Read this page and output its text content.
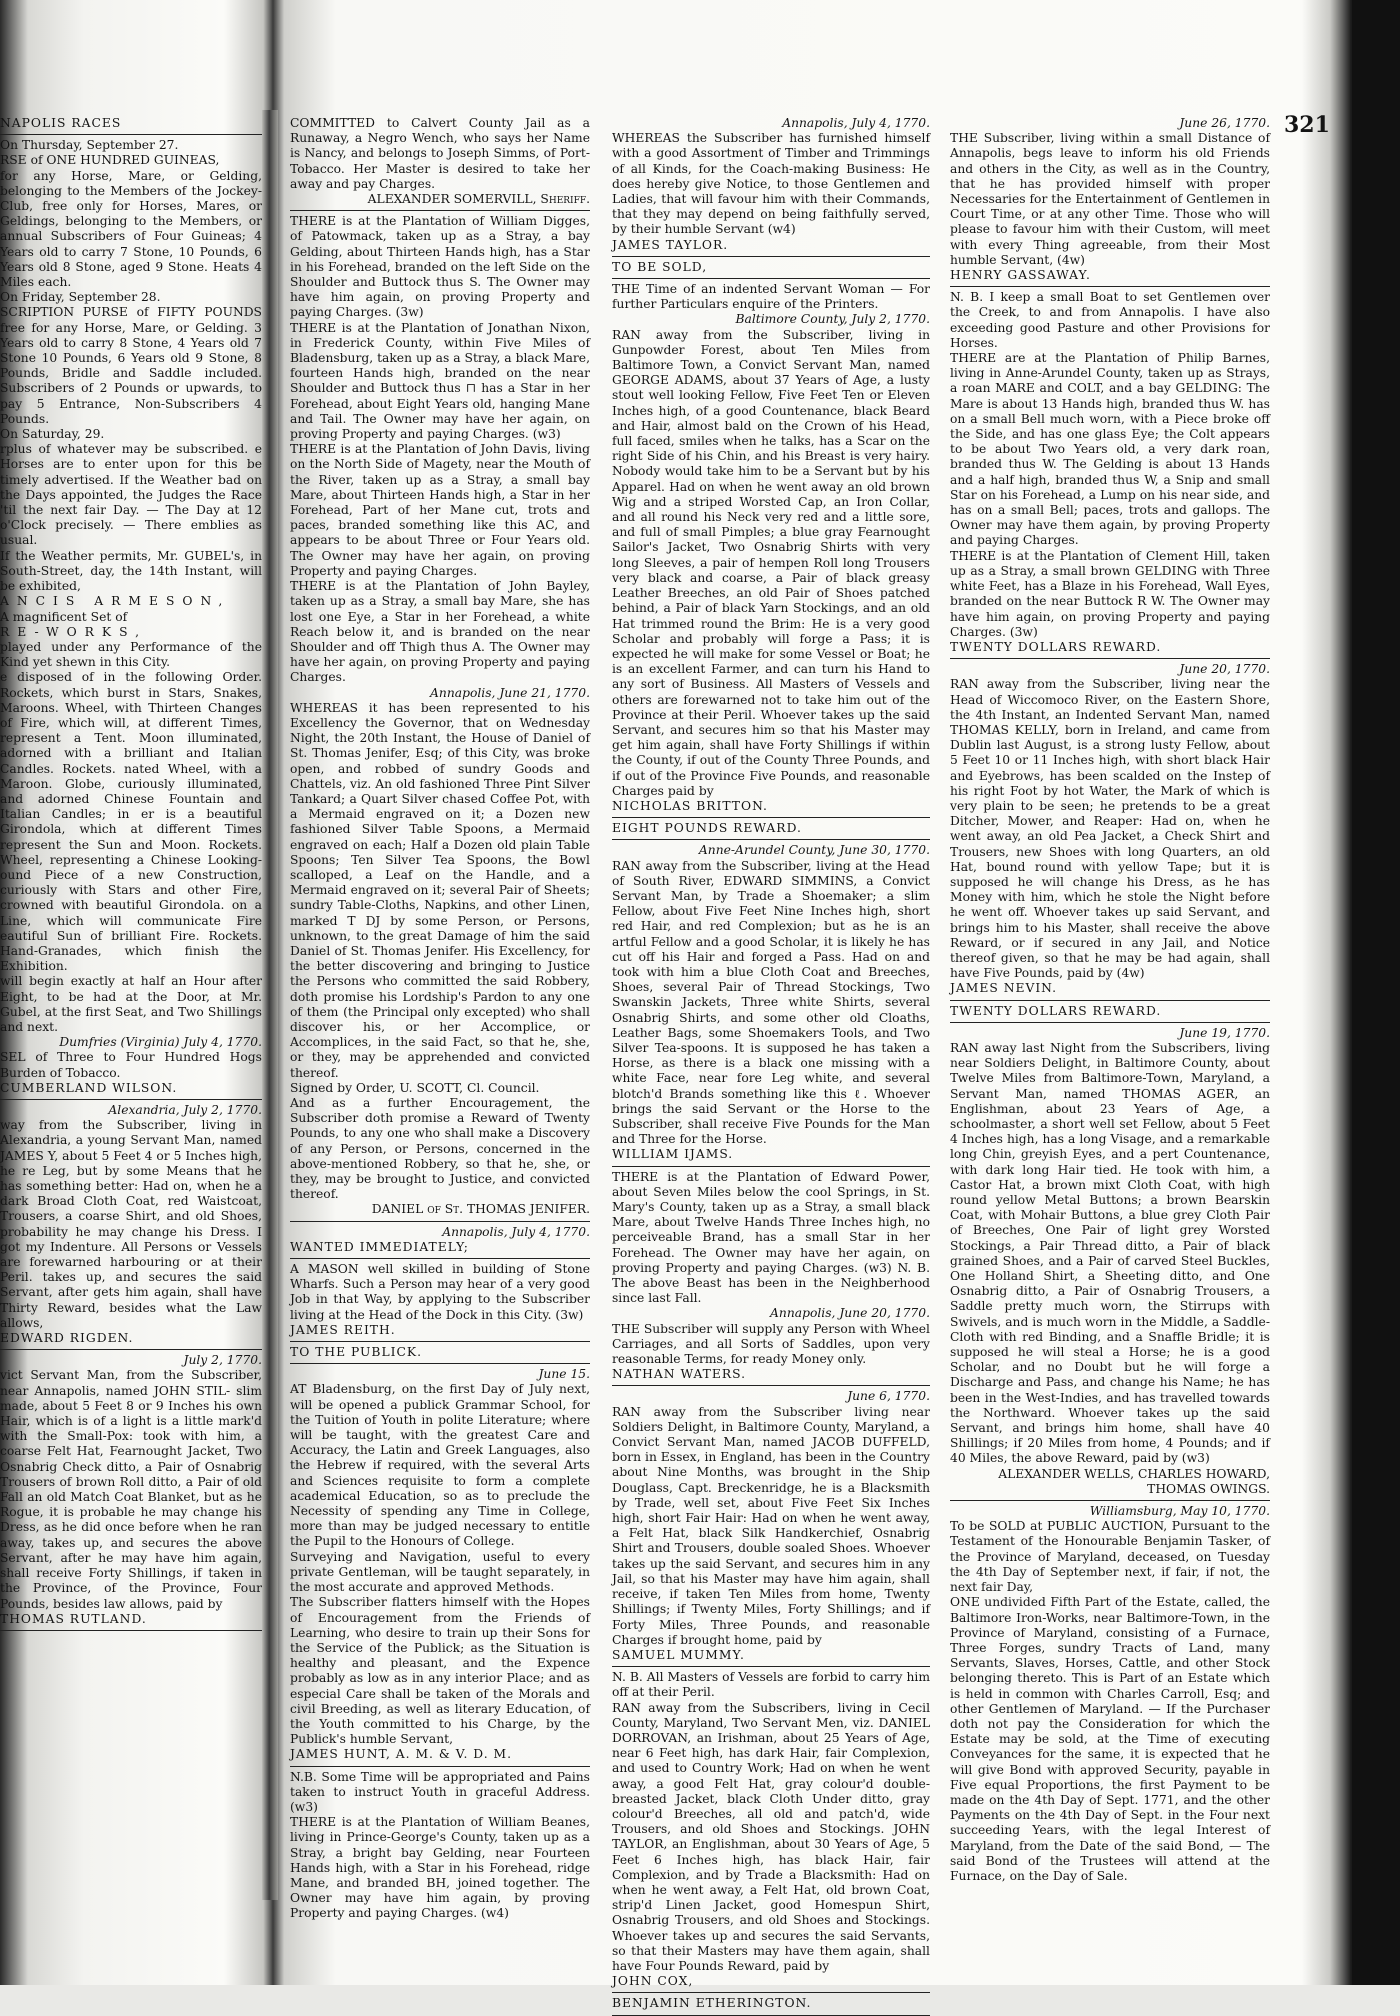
321

NAPOLIS RACES

On Thursday, September 27.

RSE of ONE HUNDRED GUINEAS,

for any Horse, Mare, or Gelding, belonging to the Members of the Jockey-Club, free only for Horses, Mares, or Geldings, belonging to the Members, or annual Subscribers of Four Guineas; 4 Years old to carry 7 Stone, 10 Pounds, 6 Years old 8 Stone, aged 9 Stone. Heats 4 Miles each.

On Friday, September 28.

SCRIPTION PURSE of FIFTY POUNDS free for any Horse, Mare, or Gelding. 3 Years old to carry 8 Stone, 4 Years old 7 Stone 10 Pounds, 6 Years old 9 Stone, 8 Pounds, Bridle and Saddle included. Subscribers of 2 Pounds or upwards, to pay 5 Entrance, Non-Subscribers 4 Pounds.

On Saturday, 29.

rplus of whatever may be subscribed. e Horses are to enter upon for this be timely advertised. If the Weather bad on the Days appointed, the Judges the Race 'til the next fair Day. — The Day at 12 o'Clock precisely. — There emblies as usual.

If the Weather permits, Mr. GUBEL's, in South-Street, day, the 14th Instant, will be exhibited,

ANCIS ARMESON,

A magnificent Set of

RE-WORKS,

played under any Performance of the Kind yet shewn in this City.

e disposed of in the following Order. Rockets, which burst in Stars, Snakes, Maroons. Wheel, with Thirteen Changes of Fire, which will, at different Times, represent a Tent. Moon illuminated, adorned with a brilliant and Italian Candles. Rockets. nated Wheel, with a Maroon. Globe, curiously illuminated, and adorned Chinese Fountain and Italian Candles; in er is a beautiful Girondola, which at different Times represent the Sun and Moon. Rockets. Wheel, representing a Chinese Looking-ound Piece of a new Construction, curiously with Stars and other Fire, crowned with beautiful Girondola. on a Line, which will communicate Fire eautiful Sun of brilliant Fire. Rockets. Hand-Granades, which finish the Exhibition.

will begin exactly at half an Hour after Eight, to be had at the Door, at Mr. Gubel, at the first Seat, and Two Shillings and next.

Dumfries (Virginia) July 4, 1770.

SEL of Three to Four Hundred Hogs Burden of Tobacco.

CUMBERLAND WILSON.

Alexandria, July 2, 1770.

way from the Subscriber, living in Alexandria, a young Servant Man, named JAMES Y, about 5 Feet 4 or 5 Inches high, he re Leg, but by some Means that he has something better: Had on, when he a dark Broad Cloth Coat, red Waistcoat, Trousers, a coarse Shirt, and old Shoes, probability he may change his Dress. I got my Indenture. All Persons or Vessels are forewarned harbouring or at their Peril. takes up, and secures the said Servant, after gets him again, shall have Thirty Reward, besides what the Law allows,

EDWARD RIGDEN.

July 2, 1770.

vict Servant Man, from the Subscriber, near Annapolis, named JOHN STIL- slim made, about 5 Feet 8 or 9 Inches his own Hair, which is of a light is a little mark'd with the Small-Pox: took with him, a coarse Felt Hat, Fearnought Jacket, Two Osnabrig Check ditto, a Pair of Osnabrig Trousers of brown Roll ditto, a Pair of old Fall an old Match Coat Blanket, but as he Rogue, it is probable he may change his Dress, as he did once before when he ran away, takes up, and secures the above Servant, after he may have him again, shall receive Forty Shillings, if taken in the Province, of the Province, Four Pounds, besides law allows, paid by

THOMAS RUTLAND.

COMMITTED to Calvert County Jail as a Runaway, a Negro Wench, who says her Name is Nancy, and belongs to Joseph Simms, of Port-Tobacco. Her Master is desired to take her away and pay Charges.

ALEXANDER SOMERVILL, Sheriff.

THERE is at the Plantation of William Digges, of Patowmack, taken up as a Stray, a bay Gelding, about Thirteen Hands high, has a Star in his Forehead, branded on the left Side on the Shoulder and Buttock thus S. The Owner may have him again, on proving Property and paying Charges. (3w)

THERE is at the Plantation of Jonathan Nixon, in Frederick County, within Five Miles of Bladensburg, taken up as a Stray, a black Mare, fourteen Hands high, branded on the near Shoulder and Buttock thus ⊓ has a Star in her Forehead, about Eight Years old, hanging Mane and Tail. The Owner may have her again, on proving Property and paying Charges. (w3)

THERE is at the Plantation of John Davis, living on the North Side of Magety, near the Mouth of the River, taken up as a Stray, a small bay Mare, about Thirteen Hands high, a Star in her Forehead, Part of her Mane cut, trots and paces, branded something like this AC, and appears to be about Three or Four Years old. The Owner may have her again, on proving Property and paying Charges.

THERE is at the Plantation of John Bayley, taken up as a Stray, a small bay Mare, she has lost one Eye, a Star in her Forehead, a white Reach below it, and is branded on the near Shoulder and off Thigh thus A. The Owner may have her again, on proving Property and paying Charges.

Annapolis, June 21, 1770.

WHEREAS it has been represented to his Excellency the Governor, that on Wednesday Night, the 20th Instant, the House of Daniel of St. Thomas Jenifer, Esq; of this City, was broke open, and robbed of sundry Goods and Chattels, viz. An old fashioned Three Pint Silver Tankard; a Quart Silver chased Coffee Pot, with a Mermaid engraved on it; a Dozen new fashioned Silver Table Spoons, a Mermaid engraved on each; Half a Dozen old plain Table Spoons; Ten Silver Tea Spoons, the Bowl scalloped, a Leaf on the Handle, and a Mermaid engraved on it; several Pair of Sheets; sundry Table-Cloths, Napkins, and other Linen, marked T DJ by some Person, or Persons, unknown, to the great Damage of him the said Daniel of St. Thomas Jenifer. His Excellency, for the better discovering and bringing to Justice the Persons who committed the said Robbery, doth promise his Lordship's Pardon to any one of them (the Principal only excepted) who shall discover his, or her Accomplice, or Accomplices, in the said Fact, so that he, she, or they, may be apprehended and convicted thereof.

Signed by Order, U. SCOTT, Cl. Council.

And as a further Encouragement, the Subscriber doth promise a Reward of Twenty Pounds, to any one who shall make a Discovery of any Person, or Persons, concerned in the above-mentioned Robbery, so that he, she, or they, may be brought to Justice, and convicted thereof.

DANIEL of St. THOMAS JENIFER.

Annapolis, July 4, 1770.

WANTED IMMEDIATELY;

A MASON well skilled in building of Stone Wharfs. Such a Person may hear of a very good Job in that Way, by applying to the Subscriber living at the Head of the Dock in this City. (3w)

JAMES REITH.

TO THE PUBLICK.

June 15.

AT Bladensburg, on the first Day of July next, will be opened a publick Grammar School, for the Tuition of Youth in polite Literature; where will be taught, with the greatest Care and Accuracy, the Latin and Greek Languages, also the Hebrew if required, with the several Arts and Sciences requisite to form a complete academical Education, so as to preclude the Necessity of spending any Time in College, more than may be judged necessary to entitle the Pupil to the Honours of College.

Surveying and Navigation, useful to every private Gentleman, will be taught separately, in the most accurate and approved Methods.

The Subscriber flatters himself with the Hopes of Encouragement from the Friends of Learning, who desire to train up their Sons for the Service of the Publick; as the Situation is healthy and pleasant, and the Expence probably as low as in any interior Place; and as especial Care shall be taken of the Morals and civil Breeding, as well as literary Education, of the Youth committed to his Charge, by the Publick's humble Servant,

JAMES HUNT, A. M. & V. D. M.

N.B. Some Time will be appropriated and Pains taken to instruct Youth in graceful Address. (w3)

THERE is at the Plantation of William Beanes, living in Prince-George's County, taken up as a Stray, a bright bay Gelding, near Fourteen Hands high, with a Star in his Forehead, ridge Mane, and branded BH, joined together. The Owner may have him again, by proving Property and paying Charges. (w4)

Annapolis, July 4, 1770.

WHEREAS the Subscriber has furnished himself with a good Assortment of Timber and Trimmings of all Kinds, for the Coach-making Business: He does hereby give Notice, to those Gentlemen and Ladies, that will favour him with their Commands, that they may depend on being faithfully served, by their humble Servant (w4)

JAMES TAYLOR.

TO BE SOLD,

THE Time of an indented Servant Woman — For further Particulars enquire of the Printers.

Baltimore County, July 2, 1770.

RAN away from the Subscriber, living in Gunpowder Forest, about Ten Miles from Baltimore Town, a Convict Servant Man, named GEORGE ADAMS, about 37 Years of Age, a lusty stout well looking Fellow, Five Feet Ten or Eleven Inches high, of a good Countenance, black Beard and Hair, almost bald on the Crown of his Head, full faced, smiles when he talks, has a Scar on the right Side of his Chin, and his Breast is very hairy. Nobody would take him to be a Servant but by his Apparel. Had on when he went away an old brown Wig and a striped Worsted Cap, an Iron Collar, and all round his Neck very red and a little sore, and full of small Pimples; a blue gray Fearnought Sailor's Jacket, Two Osnabrig Shirts with very long Sleeves, a pair of hempen Roll long Trousers very black and coarse, a Pair of black greasy Leather Breeches, an old Pair of Shoes patched behind, a Pair of black Yarn Stockings, and an old Hat trimmed round the Brim: He is a very good Scholar and probably will forge a Pass; it is expected he will make for some Vessel or Boat; he is an excellent Farmer, and can turn his Hand to any sort of Business. All Masters of Vessels and others are forewarned not to take him out of the Province at their Peril. Whoever takes up the said Servant, and secures him so that his Master may get him again, shall have Forty Shillings if within the County, if out of the County Three Pounds, and if out of the Province Five Pounds, and reasonable Charges paid by

NICHOLAS BRITTON.

EIGHT POUNDS REWARD.

Anne-Arundel County, June 30, 1770.

RAN away from the Subscriber, living at the Head of South River, EDWARD SIMMINS, a Convict Servant Man, by Trade a Shoemaker; a slim Fellow, about Five Feet Nine Inches high, short red Hair, and red Complexion; but as he is an artful Fellow and a good Scholar, it is likely he has cut off his Hair and forged a Pass. Had on and took with him a blue Cloth Coat and Breeches, Shoes, several Pair of Thread Stockings, Two Swanskin Jackets, Three white Shirts, several Osnabrig Shirts, and some other old Cloaths, Leather Bags, some Shoemakers Tools, and Two Silver Tea-spoons. It is supposed he has taken a Horse, as there is a black one missing with a white Face, near fore Leg white, and several blotch'd Brands something like this ℓ. Whoever brings the said Servant or the Horse to the Subscriber, shall receive Five Pounds for the Man and Three for the Horse.

WILLIAM IJAMS.

THERE is at the Plantation of Edward Power, about Seven Miles below the cool Springs, in St. Mary's County, taken up as a Stray, a small black Mare, about Twelve Hands Three Inches high, no perceiveable Brand, has a small Star in her Forehead. The Owner may have her again, on proving Property and paying Charges. (w3) N. B. The above Beast has been in the Neighberhood since last Fall.

Annapolis, June 20, 1770.

THE Subscriber will supply any Person with Wheel Carriages, and all Sorts of Saddles, upon very reasonable Terms, for ready Money only.

NATHAN WATERS.

June 6, 1770.

RAN away from the Subscriber living near Soldiers Delight, in Baltimore County, Maryland, a Convict Servant Man, named JACOB DUFFELD, born in Essex, in England, has been in the Country about Nine Months, was brought in the Ship Douglass, Capt. Breckenridge, he is a Blacksmith by Trade, well set, about Five Feet Six Inches high, short Fair Hair: Had on when he went away, a Felt Hat, black Silk Handkerchief, Osnabrig Shirt and Trousers, double soaled Shoes. Whoever takes up the said Servant, and secures him in any Jail, so that his Master may have him again, shall receive, if taken Ten Miles from home, Twenty Shillings; if Twenty Miles, Forty Shillings; and if Forty Miles, Three Pounds, and reasonable Charges if brought home, paid by

SAMUEL MUMMY.

N. B. All Masters of Vessels are forbid to carry him off at their Peril.

RAN away from the Subscribers, living in Cecil County, Maryland, Two Servant Men, viz. DANIEL DORROVAN, an Irishman, about 25 Years of Age, near 6 Feet high, has dark Hair, fair Complexion, and used to Country Work; Had on when he went away, a good Felt Hat, gray colour'd double-breasted Jacket, black Cloth Under ditto, gray colour'd Breeches, all old and patch'd, wide Trousers, and old Shoes and Stockings. JOHN TAYLOR, an Englishman, about 30 Years of Age, 5 Feet 6 Inches high, has black Hair, fair Complexion, and by Trade a Blacksmith: Had on when he went away, a Felt Hat, old brown Coat, strip'd Linen Jacket, good Homespun Shirt, Osnabrig Trousers, and old Shoes and Stockings. Whoever takes up and secures the said Servants, so that their Masters may have them again, shall have Four Pounds Reward, paid by

JOHN COX,

BENJAMIN ETHERINGTON.

June 26, 1770.

THE Subscriber, living within a small Distance of Annapolis, begs leave to inform his old Friends and others in the City, as well as in the Country, that he has provided himself with proper Necessaries for the Entertainment of Gentlemen in Court Time, or at any other Time. Those who will please to favour him with their Custom, will meet with every Thing agreeable, from their Most humble Servant, (4w)

HENRY GASSAWAY.

N. B. I keep a small Boat to set Gentlemen over the Creek, to and from Annapolis. I have also exceeding good Pasture and other Provisions for Horses.

THERE are at the Plantation of Philip Barnes, living in Anne-Arundel County, taken up as Strays, a roan MARE and COLT, and a bay GELDING: The Mare is about 13 Hands high, branded thus W. has on a small Bell much worn, with a Piece broke off the Side, and has one glass Eye; the Colt appears to be about Two Years old, a very dark roan, branded thus W. The Gelding is about 13 Hands and a half high, branded thus W, a Snip and small Star on his Forehead, a Lump on his near side, and has on a small Bell; paces, trots and gallops. The Owner may have them again, by proving Property and paying Charges.

THERE is at the Plantation of Clement Hill, taken up as a Stray, a small brown GELDING with Three white Feet, has a Blaze in his Forehead, Wall Eyes, branded on the near Buttock R W. The Owner may have him again, on proving Property and paying Charges. (3w)

TWENTY DOLLARS REWARD.

June 20, 1770.

RAN away from the Subscriber, living near the Head of Wiccomoco River, on the Eastern Shore, the 4th Instant, an Indented Servant Man, named THOMAS KELLY, born in Ireland, and came from Dublin last August, is a strong lusty Fellow, about 5 Feet 10 or 11 Inches high, with short black Hair and Eyebrows, has been scalded on the Instep of his right Foot by hot Water, the Mark of which is very plain to be seen; he pretends to be a great Ditcher, Mower, and Reaper: Had on, when he went away, an old Pea Jacket, a Check Shirt and Trousers, new Shoes with long Quarters, an old Hat, bound round with yellow Tape; but it is supposed he will change his Dress, as he has Money with him, which he stole the Night before he went off. Whoever takes up said Servant, and brings him to his Master, shall receive the above Reward, or if secured in any Jail, and Notice thereof given, so that he may be had again, shall have Five Pounds, paid by (4w)

JAMES NEVIN.

TWENTY DOLLARS REWARD.

June 19, 1770.

RAN away last Night from the Subscribers, living near Soldiers Delight, in Baltimore County, about Twelve Miles from Baltimore-Town, Maryland, a Servant Man, named THOMAS AGER, an Englishman, about 23 Years of Age, a schoolmaster, a short well set Fellow, about 5 Feet 4 Inches high, has a long Visage, and a remarkable long Chin, greyish Eyes, and a pert Countenance, with dark long Hair tied. He took with him, a Castor Hat, a brown mixt Cloth Coat, with high round yellow Metal Buttons; a brown Bearskin Coat, with Mohair Buttons, a blue grey Cloth Pair of Breeches, One Pair of light grey Worsted Stockings, a Pair Thread ditto, a Pair of black grained Shoes, and a Pair of carved Steel Buckles, One Holland Shirt, a Sheeting ditto, and One Osnabrig ditto, a Pair of Osnabrig Trousers, a Saddle pretty much worn, the Stirrups with Swivels, and is much worn in the Middle, a Saddle-Cloth with red Binding, and a Snaffle Bridle; it is supposed he will steal a Horse; he is a good Scholar, and no Doubt but he will forge a Discharge and Pass, and change his Name; he has been in the West-Indies, and has travelled towards the Northward. Whoever takes up the said Servant, and brings him home, shall have 40 Shillings; if 20 Miles from home, 4 Pounds; and if 40 Miles, the above Reward, paid by (w3)

ALEXANDER WELLS, CHARLES HOWARD, THOMAS OWINGS.

Williamsburg, May 10, 1770.

To be SOLD at PUBLIC AUCTION, Pursuant to the Testament of the Honourable Benjamin Tasker, of the Province of Maryland, deceased, on Tuesday the 4th Day of September next, if fair, if not, the next fair Day,

ONE undivided Fifth Part of the Estate, called, the Baltimore Iron-Works, near Baltimore-Town, in the Province of Maryland, consisting of a Furnace, Three Forges, sundry Tracts of Land, many Servants, Slaves, Horses, Cattle, and other Stock belonging thereto. This is Part of an Estate which is held in common with Charles Carroll, Esq; and other Gentlemen of Maryland. — If the Purchaser doth not pay the Consideration for which the Estate may be sold, at the Time of executing Conveyances for the same, it is expected that he will give Bond with approved Security, payable in Five equal Proportions, the first Payment to be made on the 4th Day of Sept. 1771, and the other Payments on the 4th Day of Sept. in the Four next succeeding Years, with the legal Interest of Maryland, from the Date of the said Bond, — The said Bond of the Trustees will attend at the Furnace, on the Day of Sale.
